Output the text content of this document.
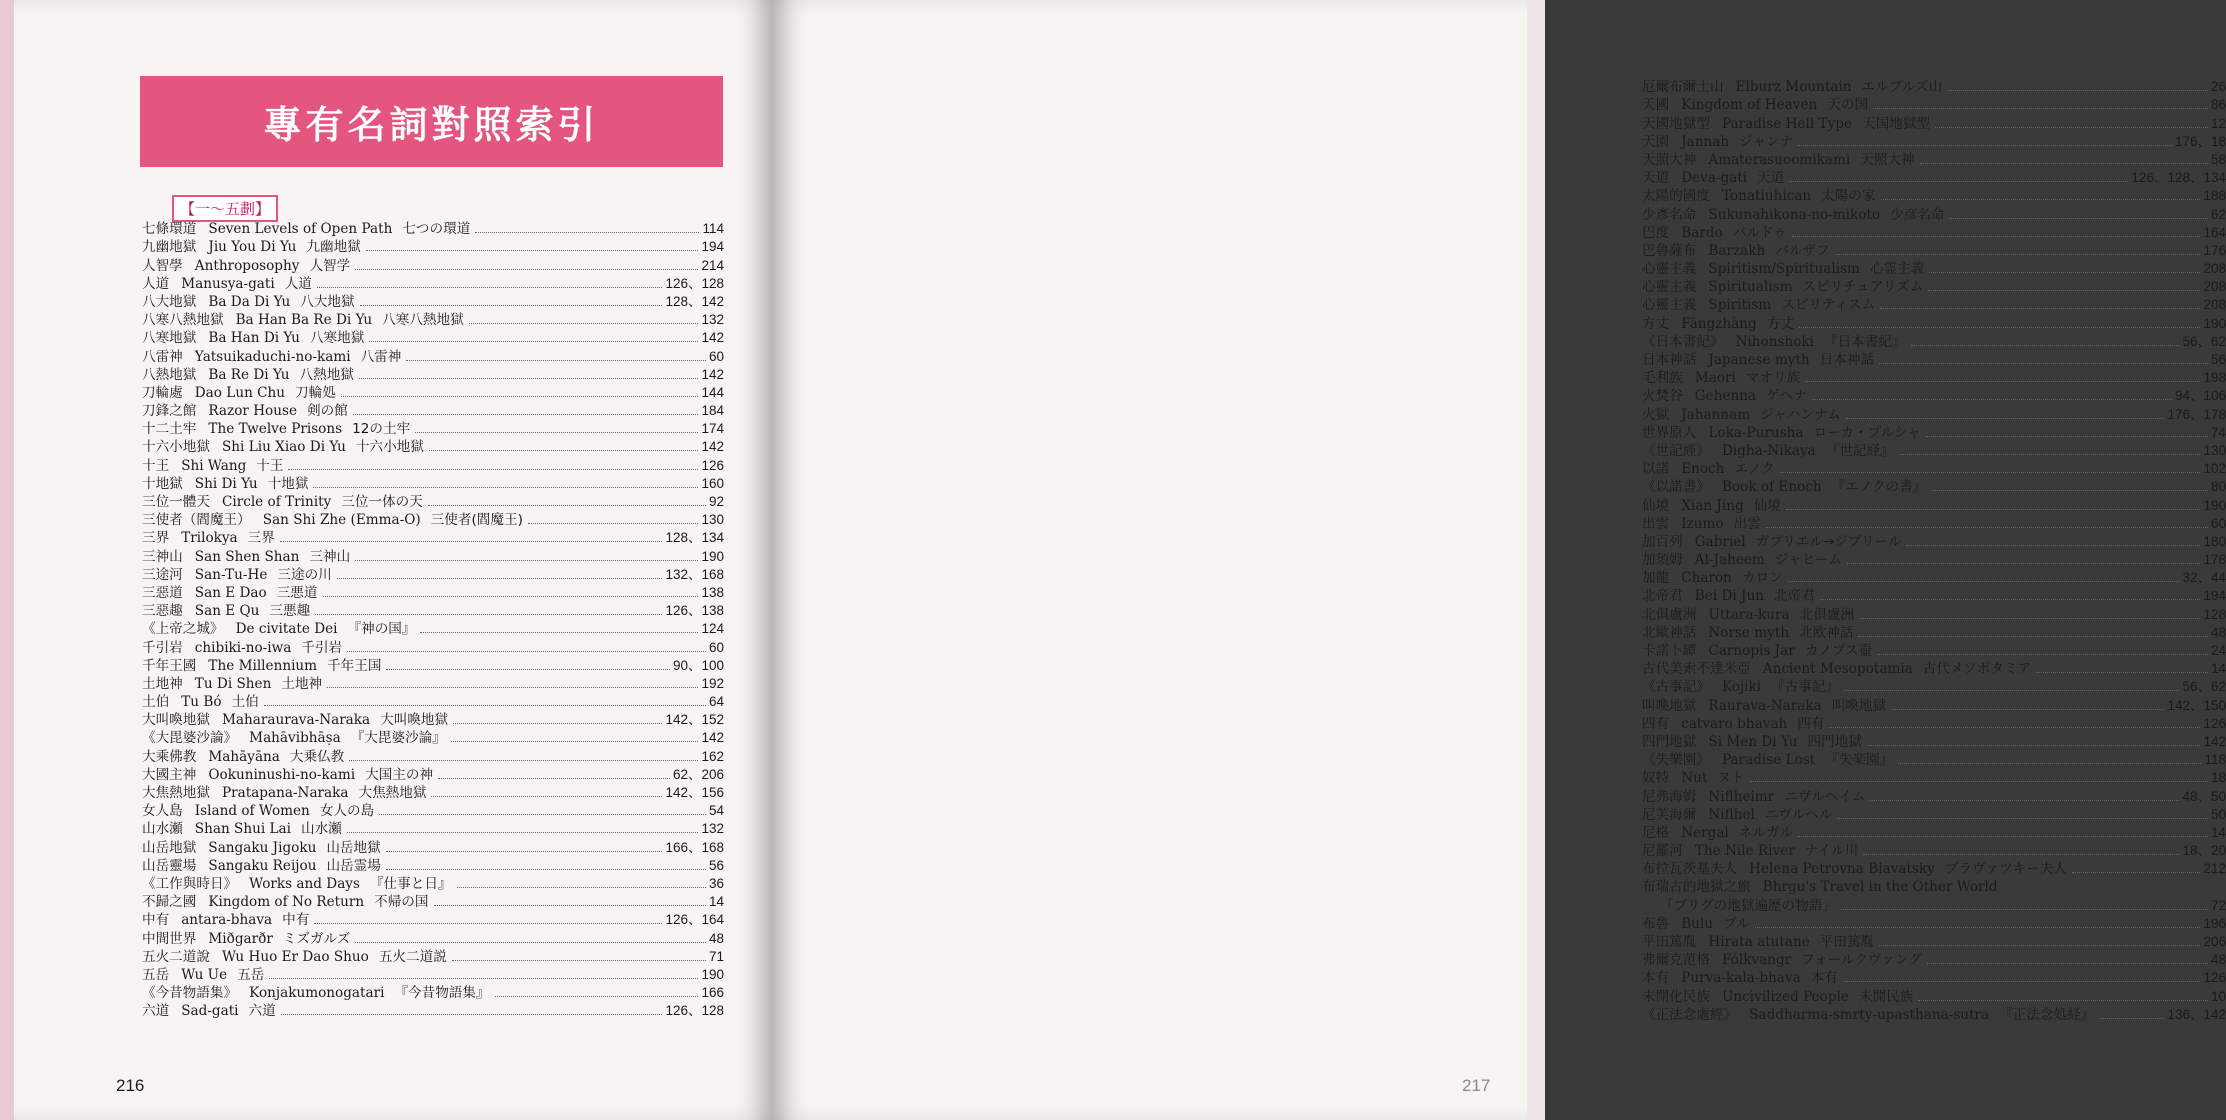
專有名詞對照索引
【一～五劃】
七條環道 Seven Levels of Open Path 七つの環道	114
九幽地獄 Jiu You Di Yu 九幽地獄	194
人智學 Anthroposophy 人智学	214
人道 Manusya-gati 人道	126、128
八大地獄 Ba Da Di Yu 八大地獄	128、142
八寒八熱地獄 Ba Han Ba Re Di Yu 八寒八熱地獄	132
八寒地獄 Ba Han Di Yu 八寒地獄	142
八雷神 Yatsuikaduchi-no-kami 八雷神	60
八熱地獄 Ba Re Di Yu 八熱地獄	142
刀輪處 Dao Lun Chu 刀輪処	144
刀鋒之館 Razor House 剣の館	184
十二土牢 The Twelve Prisons 12の土牢	174
十六小地獄 Shi Liu Xiao Di Yu 十六小地獄	142
十王 Shi Wang 十王	126
十地獄 Shi Di Yu 十地獄	160
三位一體天 Circle of Trinity 三位一体の天	92
三使者（閻魔王） San Shi Zhe (Emma-O) 三使者(閻魔王)	130
三界 Trilokya 三界	128、134
三神山 San Shen Shan 三神山	190
三途河 San-Tu-He 三途の川	132、168
三惡道 San E Dao 三悪道	138
三惡趣 San E Qu 三悪趣	126、138
《上帝之城》 De civitate Dei 『神の国』	124
千引岩 chibiki-no-iwa 千引岩	60
千年王國 The Millennium 千年王国	90、100
土地神 Tu Di Shen 土地神	192
土伯 Tu Bó 土伯	64
大叫喚地獄 Maharaurava-Naraka 大叫喚地獄	142、152
《大毘婆沙論》 Mahāvibhāṣa 『大毘婆沙論』	142
大乘佛教 Mahāyāna 大乗仏教	162
大國主神 Ookuninushi-no-kami 大国主の神	62、206
大焦熱地獄 Pratapana-Naraka 大焦熱地獄	142、156
女人島 Island of Women 女人の島	54
山水瀬 Shan Shui Lai 山水瀬	132
山岳地獄 Sangaku Jigoku 山岳地獄	166、168
山岳靈場 Sangaku Reijou 山岳霊場	56
《工作與時日》 Works and Days 『仕事と日』	36
不歸之國 Kingdom of No Return 不帰の国	14
中有 antara-bhava 中有	126、164
中間世界 Miðgarðr ミズガルズ	48
五火二道說 Wu Huo Er Dao Shuo 五火二道説	71
五岳 Wu Ue 五岳	190
《今昔物語集》 Konjakumonogatari 『今昔物語集』	166
六道 Sad-gati 六道	126、128
216
厄爾布爾士山 Elburz Mountain エルブルズ山	26
天國 Kingdom of Heaven 天の国	86
天國地獄型 Paradise Hell Type 天国地獄型	12
天園 Jannah ジャンナ	176、18
天照大神 Amaterasuoomikami 天照大神	58
天道 Deva-gati 天道	126、128、134
太陽的國度 Tonatiuhican 太陽の家	188
少彥名命 Sukunahikona-no-mikoto 少彦名命	62
巴度 Bardo バルドゥ	164
巴魯薩布 Barzakh バルザフ	176
心靈主義 Spiritism/Spiritualism 心霊主義	208
心靈主義 Spiritualism スピリチュアリズム	208
心靈主義 Spiritism スピリティスム	208
方丈 Fāngzhàng 方丈	190
《日本書紀》 Nihonshoki 『日本書紀』	56、62
日本神話 Japanese myth 日本神話	56
毛利族 Maori マオリ族	198
火焚谷 Gehenna ゲヘナ	94、106
火獄 Jahannam ジャハンナム	176、178
世界原人 Loka-Purusha ローカ・プルシャ	74
《世記經》 Digha-Nikaya 『世記経』	130
以諾 Enoch エノク	102
《以諾書》 Book of Enoch 『エノクの書』	80
仙境 Xian Jing 仙境	190
出雲 Izumo 出雲	60
加百列 Gabriel ガブリエル→ジブリール	180
加須姆 Al-Jaheem ジャヒーム	178
加龍 Charon カロン	32、44
北帝君 Bei Di Jun 北帝君	194
北俱盧洲 Uttara-kura 北倶盧洲	128
北歐神話 Norse myth 北欧神話	48
卡諾卜罈 Carnopis Jar カノプス壷	24
古代美索不達米亞 Ancient Mesopotamia 古代メソポタミア	14
《古事記》 Kojiki 『古事記』	56、62
叫喚地獄 Raurava-Naraka 叫喚地獄	142、150
四有 catvaro bhavah 四有	126
四門地獄 Si Men Di Yu 四門地獄	142
《失樂園》 Paradise Lost 『失楽園』	118
奴特 Nut ヌト	18
尼弗海姆 Niflheimr ニヴルヘイム	48、50
尼芙海爾 Niflhel ニヴルヘル	50
尼格 Nergal ネルガル	14
尼羅河 The Nile River ナイル川	18、20
布拉瓦茨基夫人 Helena Petrovna Blavatsky ブラヴァツキー夫人	212
布瑞古的地獄之旅 Bhrgu's Travel in the Other World
「ブリグの地獄遍歴の物語」	72
布魯 Bulu ブル	196
平田篤胤 Hirata atutane 平田篤胤	206
弗爾克范格 Fólkvangr フォールクヴァング	48
本有 Purva-kala-bhava 本有	126
未開化民族 Uncivilized People 未開民族	10
《正法念處經》 Saddharma-smrty-upasthana-sutra 『正法念処経』	136、142
217
